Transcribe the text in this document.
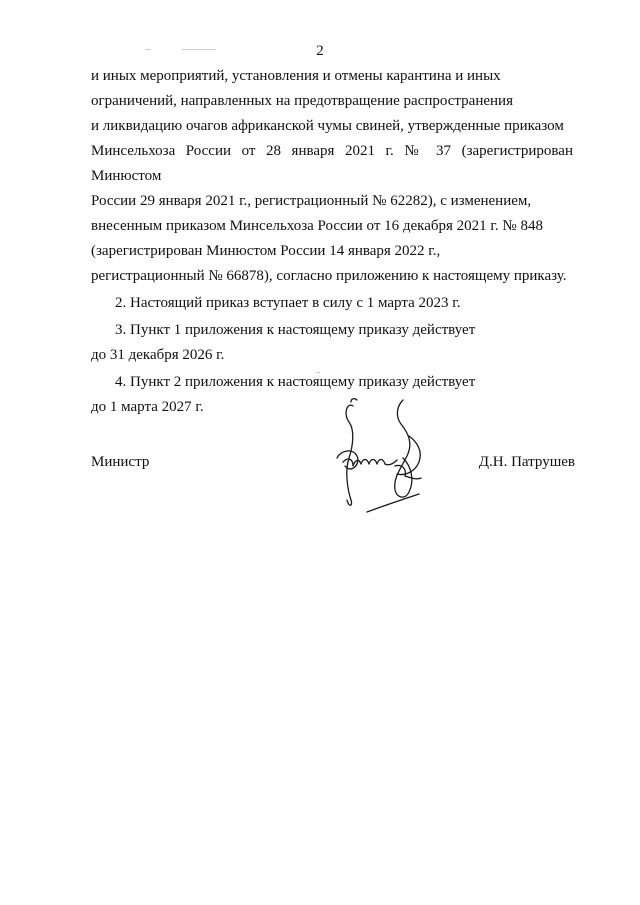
2

и иных мероприятий, установления и отмены карантина и иных

ограничений, направленных на предотвращение распространения

и ликвидацию очагов африканской чумы свиней, утвержденные приказом

Минсельхоза России от 28 января 2021 г. № 37 (зарегистрирован Минюстом

России 29 января 2021 г., регистрационный № 62282), с изменением,

внесенным приказом Минсельхоза России от 16 декабря 2021 г. № 848

(зарегистрирован Минюстом России 14 января 2022 г.,

регистрационный № 66878), согласно приложению к настоящему приказу.

2. Настоящий приказ вступает в силу с 1 марта 2023 г.

3. Пункт 1 приложения к настоящему приказу действует

до 31 декабря 2026 г.

4. Пункт 2 приложения к настоящему приказу действует

до 1 марта 2027 г.

Министр	Д.Н. Патрушев
